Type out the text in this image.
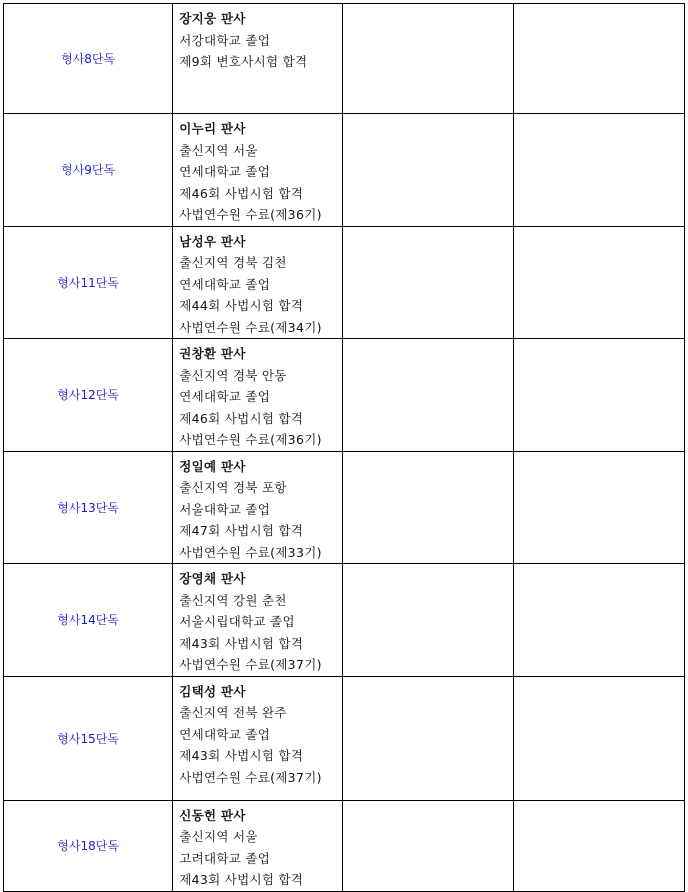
형사8단독	장지웅 판사
서강대학교 졸업
제9회 변호사시험 합격		

형사9단독	이누리 판사
출신지역 서울
연세대학교 졸업
제46회 사법시험 합격
사법연수원 수료(제36기)		

형사11단독	남성우 판사
출신지역 경북 김천
연세대학교 졸업
제44회 사법시험 합격
사법연수원 수료(제34기)		

형사12단독	권창환 판사
출신지역 경북 안동
연세대학교 졸업
제46회 사법시험 합격
사법연수원 수료(제36기)		

형사13단독	정일예 판사
출신지역 경북 포항
서울대학교 졸업
제47회 사법시험 합격
사법연수원 수료(제33기)		

형사14단독	장영채 판사
출신지역 강원 춘천
서울시립대학교 졸업
제43회 사법시험 합격
사법연수원 수료(제37기)		

형사15단독	김택성 판사
출신지역 전북 완주
연세대학교 졸업
제43회 사법시험 합격
사법연수원 수료(제37기)		

형사18단독	신동헌 판사
출신지역 서울
고려대학교 졸업
제43회 사법시험 합격		
